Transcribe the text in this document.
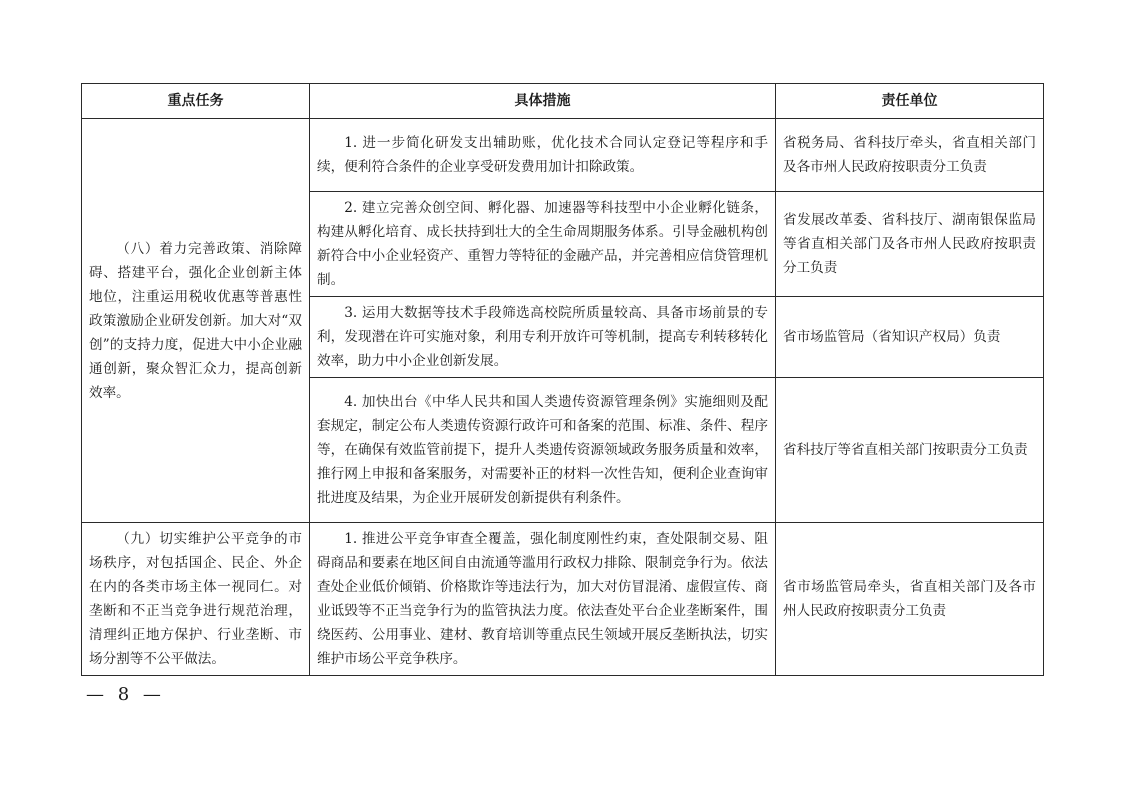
重点任务	具体措施	责任单位
（八）着力完善政策、消除障碍、搭建平台，强化企业创新主体地位，注重运用税收优惠等普惠性政策激励企业研发创新。加大对“双创”的支持力度，促进大中小企业融通创新，聚众智汇众力，提高创新效率。	1. 进一步简化研发支出辅助账，优化技术合同认定登记等程序和手续，便利符合条件的企业享受研发费用加计扣除政策。	省税务局、省科技厅牵头，省直相关部门及各市州人民政府按职责分工负责
	2. 建立完善众创空间、孵化器、加速器等科技型中小企业孵化链条，构建从孵化培育、成长扶持到壮大的全生命周期服务体系。引导金融机构创新符合中小企业轻资产、重智力等特征的金融产品，并完善相应信贷管理机制。	省发展改革委、省科技厅、湖南银保监局等省直相关部门及各市州人民政府按职责分工负责
	3. 运用大数据等技术手段筛选高校院所质量较高、具备市场前景的专利，发现潜在许可实施对象，利用专利开放许可等机制，提高专利转移转化效率，助力中小企业创新发展。	省市场监管局（省知识产权局）负责
	4. 加快出台《中华人民共和国人类遗传资源管理条例》实施细则及配套规定，制定公布人类遗传资源行政许可和备案的范围、标准、条件、程序等，在确保有效监管前提下，提升人类遗传资源领域政务服务质量和效率，推行网上申报和备案服务，对需要补正的材料一次性告知，便利企业查询审批进度及结果，为企业开展研发创新提供有利条件。	省科技厅等省直相关部门按职责分工负责
（九）切实维护公平竞争的市场秩序，对包括国企、民企、外企在内的各类市场主体一视同仁。对垄断和不正当竞争进行规范治理，清理纠正地方保护、行业垄断、市场分割等不公平做法。	1. 推进公平竞争审查全覆盖，强化制度刚性约束，查处限制交易、阻碍商品和要素在地区间自由流通等滥用行政权力排除、限制竞争行为。依法查处企业低价倾销、价格欺诈等违法行为，加大对仿冒混淆、虚假宣传、商业诋毁等不正当竞争行为的监管执法力度。依法查处平台企业垄断案件，围绕医药、公用事业、建材、教育培训等重点民生领域开展反垄断执法，切实维护市场公平竞争秩序。	省市场监管局牵头，省直相关部门及各市州人民政府按职责分工负责
— 8 —
